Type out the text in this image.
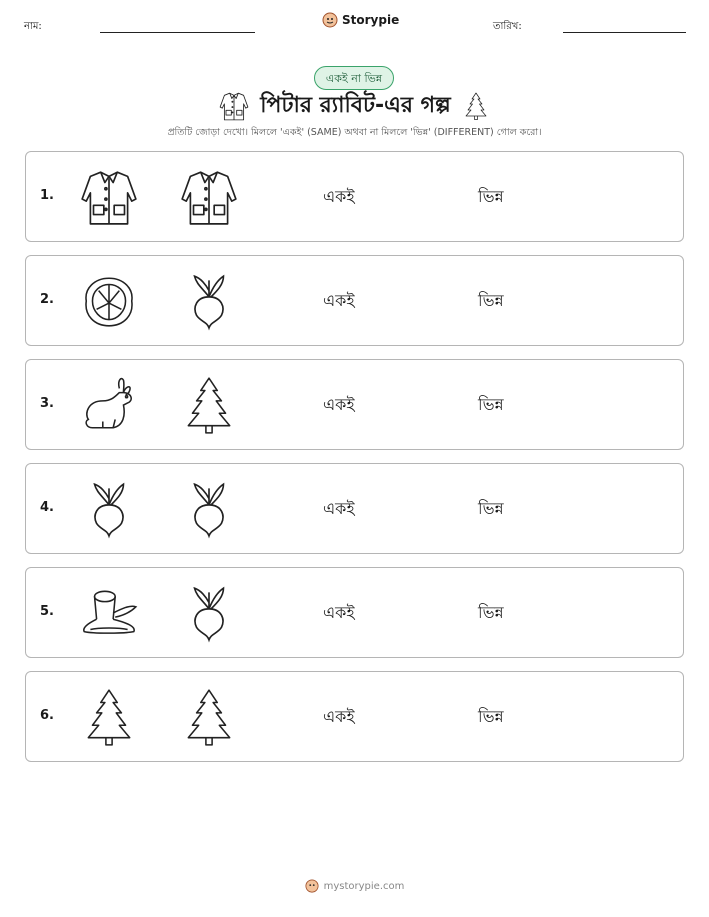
নাম:	Storypie	তারিখ:
একই না ভিন্ন
পিটার র‍্যাবিট-এর গল্প
প্রতিটি জোড়া দেখো। মিললে 'একই' (SAME) অথবা না মিললে 'ভিন্ন' (DIFFERENT) গোল করো।
1.	একই	ভিন্ন
2.	একই	ভিন্ন
3.	একই	ভিন্ন
4.	একই	ভিন্ন
5.	একই	ভিন্ন
6.	একই	ভিন্ন
mystorypie.com
